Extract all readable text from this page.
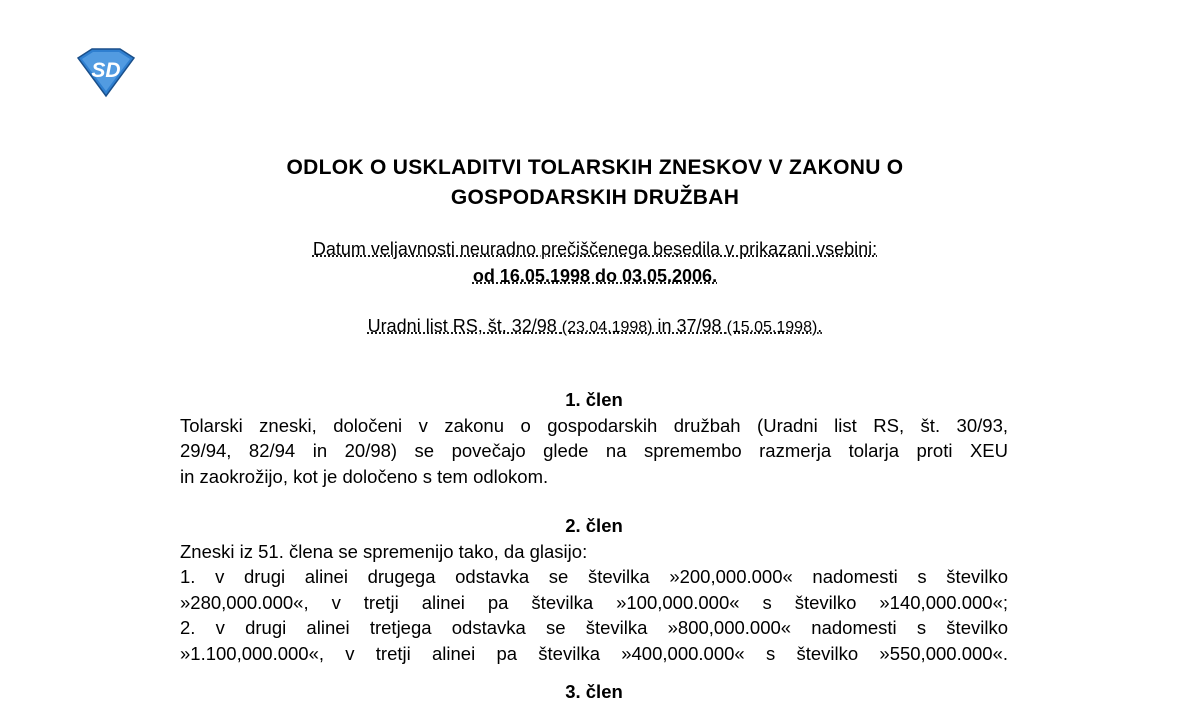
SD
ODLOK O USKLADITVI TOLARSKIH ZNESKOV V ZAKONU O
GOSPODARSKIH DRUŽBAH
Datum veljavnosti neuradno prečiščenega besedila v prikazani vsebini:
od 16.05.1998 do 03.05.2006.
Uradni list RS, št. 32/98 (23.04.1998) in 37/98 (15.05.1998).
1. člen
Tolarski zneski, določeni v zakonu o gospodarskih družbah (Uradni list RS, št. 30/93,
29/94, 82/94 in 20/98) se povečajo glede na spremembo razmerja tolarja proti XEU
in zaokrožijo, kot je določeno s tem odlokom.
2. člen
Zneski iz 51. člena se spremenijo tako, da glasijo:
1. v drugi alinei drugega odstavka se številka »200,000.000« nadomesti s številko
»280,000.000«, v tretji alinei pa številka »100,000.000« s številko »140,000.000«;
2. v drugi alinei tretjega odstavka se številka »800,000.000« nadomesti s številko
»1.100,000.000«, v tretji alinei pa številka »400,000.000« s številko »550,000.000«.
3. člen
